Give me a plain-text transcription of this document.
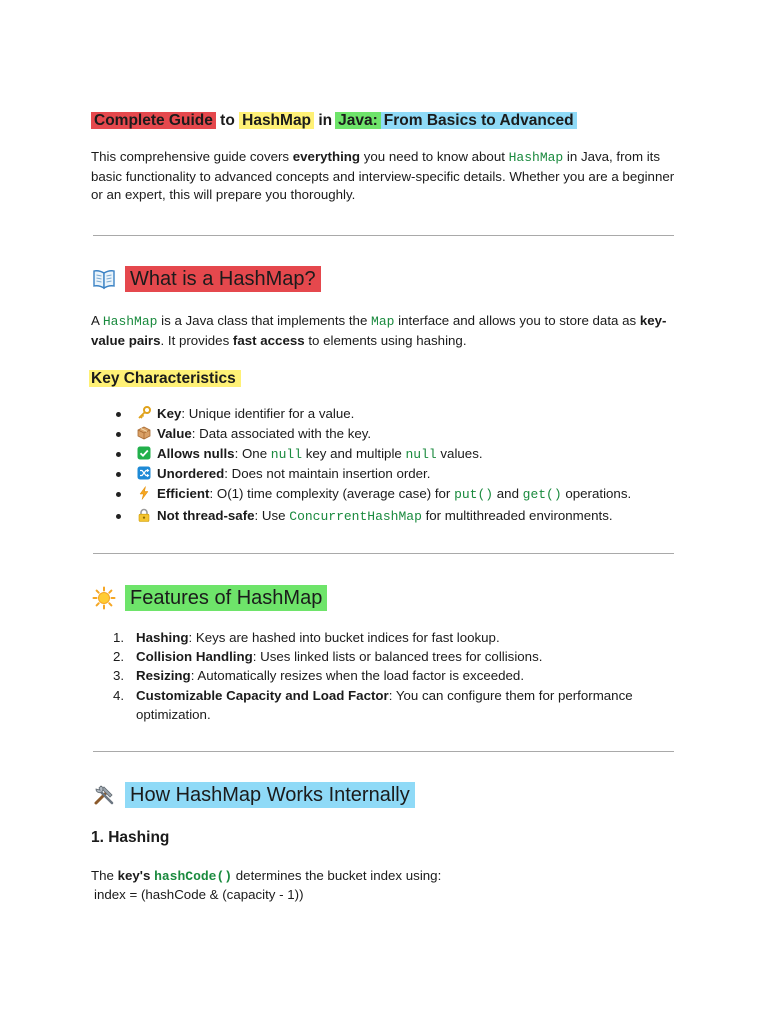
Complete Guide to HashMap in Java: From Basics to Advanced
This comprehensive guide covers everything you need to know about HashMap in Java, from its basic functionality to advanced concepts and interview-specific details. Whether you are a beginner or an expert, this will prepare you thoroughly.
What is a HashMap?
A HashMap is a Java class that implements the Map interface and allows you to store data as key-value pairs. It provides fast access to elements using hashing.
Key Characteristics
Key: Unique identifier for a value.
Value: Data associated with the key.
Allows nulls: One null key and multiple null values.
Unordered: Does not maintain insertion order.
Efficient: O(1) time complexity (average case) for put() and get() operations.
Not thread-safe: Use ConcurrentHashMap for multithreaded environments.
Features of HashMap
1. Hashing: Keys are hashed into bucket indices for fast lookup.
2. Collision Handling: Uses linked lists or balanced trees for collisions.
3. Resizing: Automatically resizes when the load factor is exceeded.
4. Customizable Capacity and Load Factor: You can configure them for performance optimization.
How HashMap Works Internally
1. Hashing
The key's hashCode() determines the bucket index using:
index = (hashCode & (capacity - 1))
